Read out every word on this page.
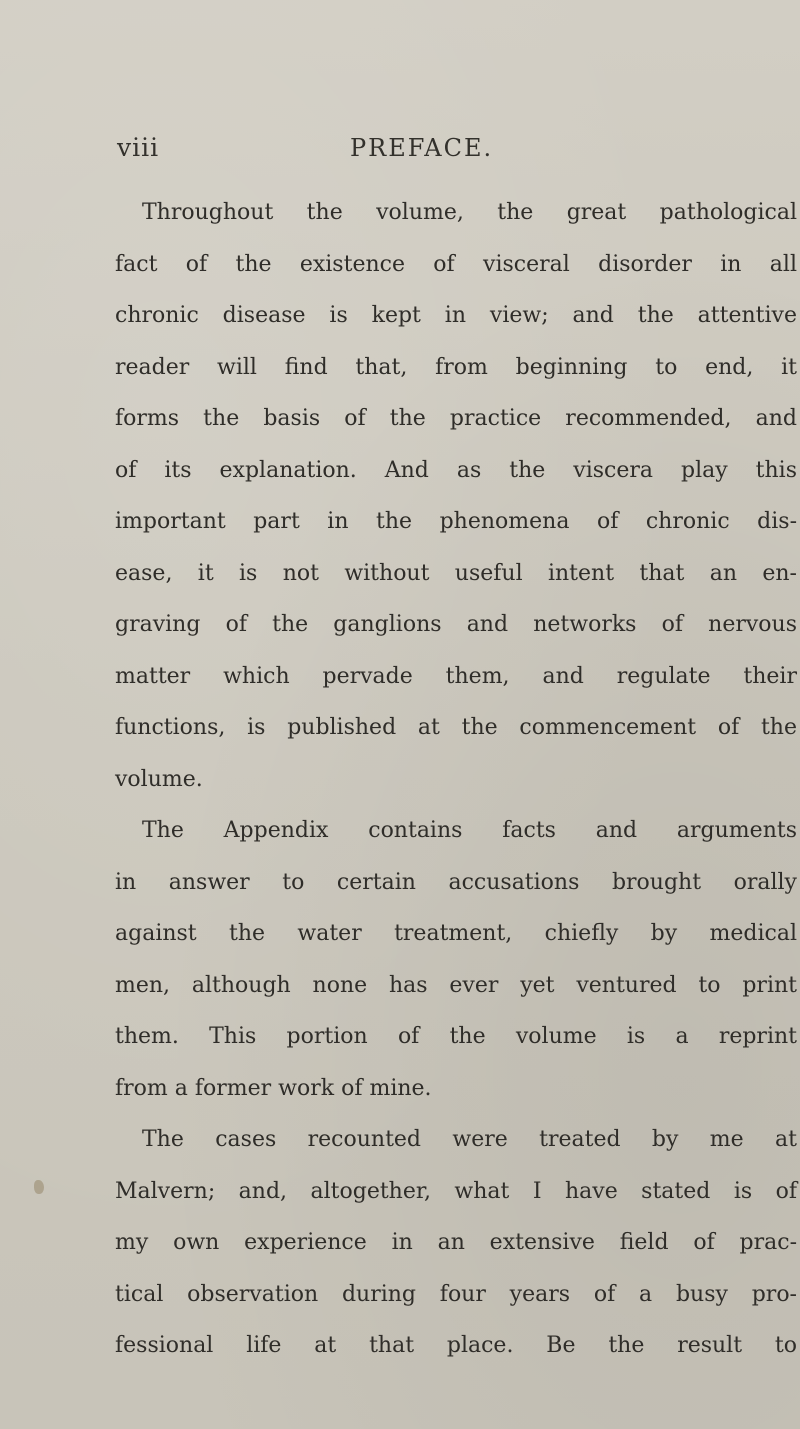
viii	PREFACE.
Throughout the volume, the great pathological
fact of the existence of visceral disorder in all
chronic disease is kept in view; and the attentive
reader will find that, from beginning to end, it
forms the basis of the practice recommended, and
of its explanation. And as the viscera play this
important part in the phenomena of chronic dis-
ease, it is not without useful intent that an en-
graving of the ganglions and networks of nervous
matter which pervade them, and regulate their
functions, is published at the commencement of the
volume.
The Appendix contains facts and arguments
in answer to certain accusations brought orally
against the water treatment, chiefly by medical
men, although none has ever yet ventured to print
them. This portion of the volume is a reprint
from a former work of mine.
The cases recounted were treated by me at
Malvern; and, altogether, what I have stated is of
my own experience in an extensive field of prac-
tical observation during four years of a busy pro-
fessional life at that place. Be the result to
